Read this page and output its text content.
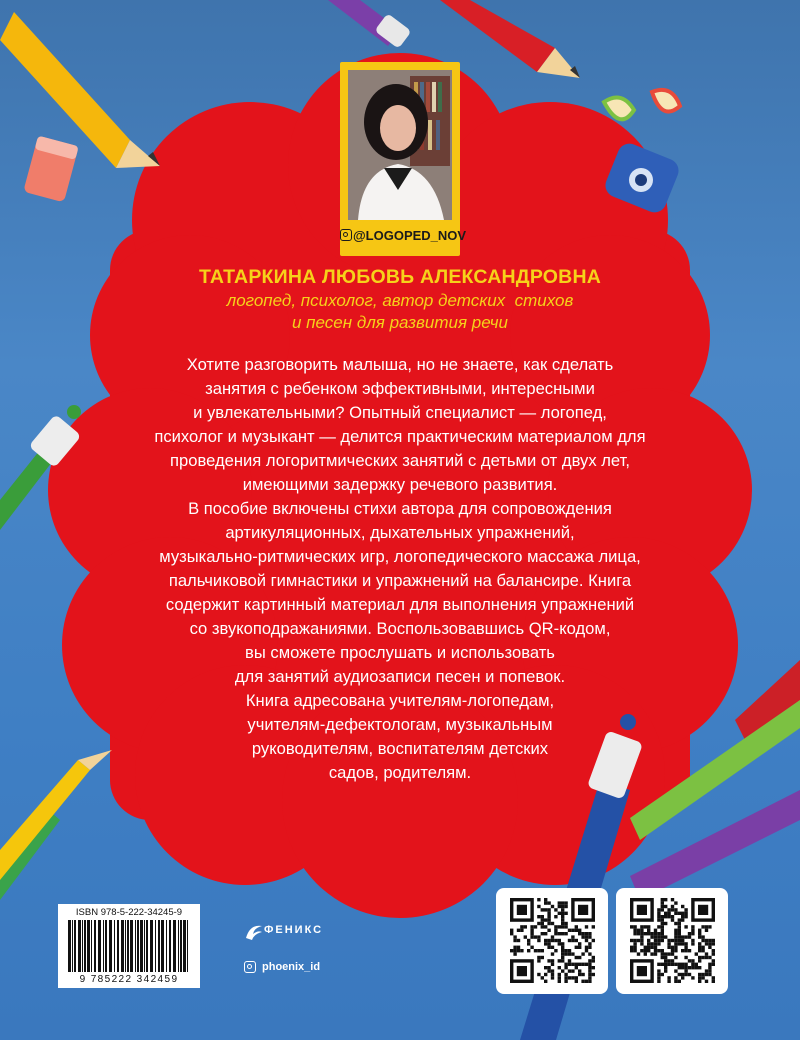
@LOGOPED_NOV
ТАТАРКИНА ЛЮБОВЬ АЛЕКСАНДРОВНА
логопед, психолог, автор детских  стихов
и песен для развития речи
Хотите разговорить малыша, но не знаете, как сделать
занятия с ребенком эффективными, интересными
и увлекательными? Опытный специалист — логопед,
психолог и музыкант — делится практическим материалом для
проведения логоритмических занятий с детьми от двух лет,
имеющими задержку речевого развития.
В пособие включены стихи автора для сопровождения
артикуляционных, дыхательных упражнений,
музыкально-ритмических игр, логопедического массажа лица,
пальчиковой гимнастики и упражнений на балансире. Книга
содержит картинный материал для выполнения упражнений
со звукоподражаниями. Воспользовавшись QR-кодом,
вы сможете прослушать и использовать
для занятий аудиозаписи песен и попевок.
Книга адресована учителям-логопедам,
учителям-дефектологам, музыкальным
руководителям, воспитателям детских
садов, родителям.
ISBN 978-5-222-34245-9
9 785222 342459
ФЕНИКС
phoenix_id
